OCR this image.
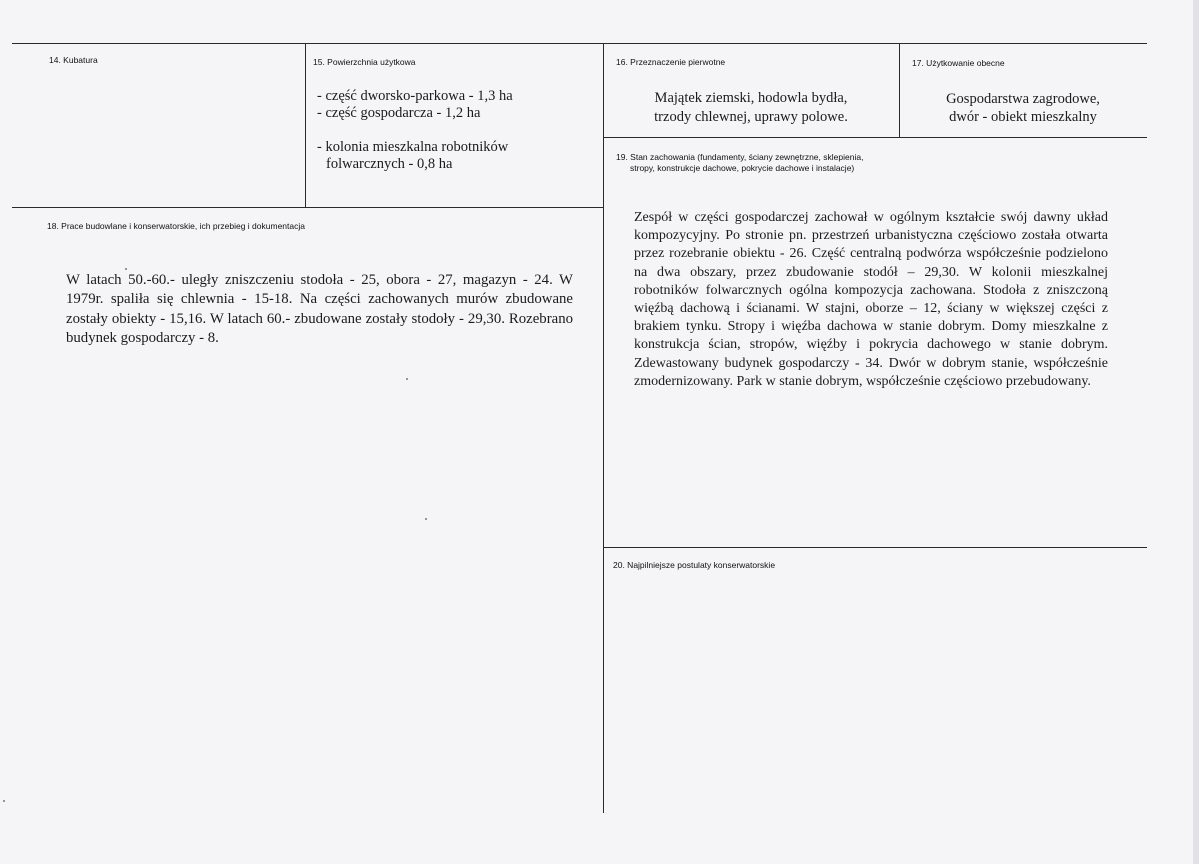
14. Kubatura	15. Powierzchnia użytkowa
- część dworsko-parkowa - 1,3 ha
- część gospodarcza - 1,2 ha
- kolonia mieszkalna robotników
folwarcznych - 0,8 ha
16. Przeznaczenie pierwotne
Majątek ziemski, hodowla bydła,
trzody chlewnej, uprawy polowe.
17. Użytkowanie obecne
Gospodarstwa zagrodowe,
dwór - obiekt mieszkalny
19. Stan zachowania (fundamenty, ściany zewnętrzne, sklepienia,
stropy, konstrukcje dachowe, pokrycie dachowe i instalacje)
Zespół w części gospodarczej zachował w ogólnym kształcie swój dawny układ kompozycyjny. Po stronie pn. przestrzeń urbanistyczna częściowo została otwarta przez rozebranie obiektu - 26. Część centralną podwórza współcześnie podzielono na dwa obszary, przez zbudowanie stodół – 29,30. W kolonii mieszkalnej robotników folwarcznych ogólna kompozycja zachowana. Stodoła z zniszczoną więźbą dachową i ścianami. W stajni, oborze – 12, ściany w większej części z brakiem tynku. Stropy i więźba dachowa w stanie dobrym. Domy mieszkalne z konstrukcja ścian, stropów, więźby i pokrycia dachowego w stanie dobrym. Zdewastowany budynek gospodarczy - 34. Dwór w dobrym stanie, współcześnie zmodernizowany. Park w stanie dobrym, współcześnie częściowo przebudowany.
18. Prace budowlane i konserwatorskie, ich przebieg i dokumentacja
W latach 50.-60.- uległy zniszczeniu stodoła - 25, obora - 27, magazyn - 24. W 1979r. spaliła się chlewnia - 15-18. Na części zachowanych murów zbudowane zostały obiekty - 15,16. W latach 60.- zbudowane zostały stodoły - 29,30. Rozebrano budynek gospodarczy - 8.
20. Najpilniejsze postulaty konserwatorskie
